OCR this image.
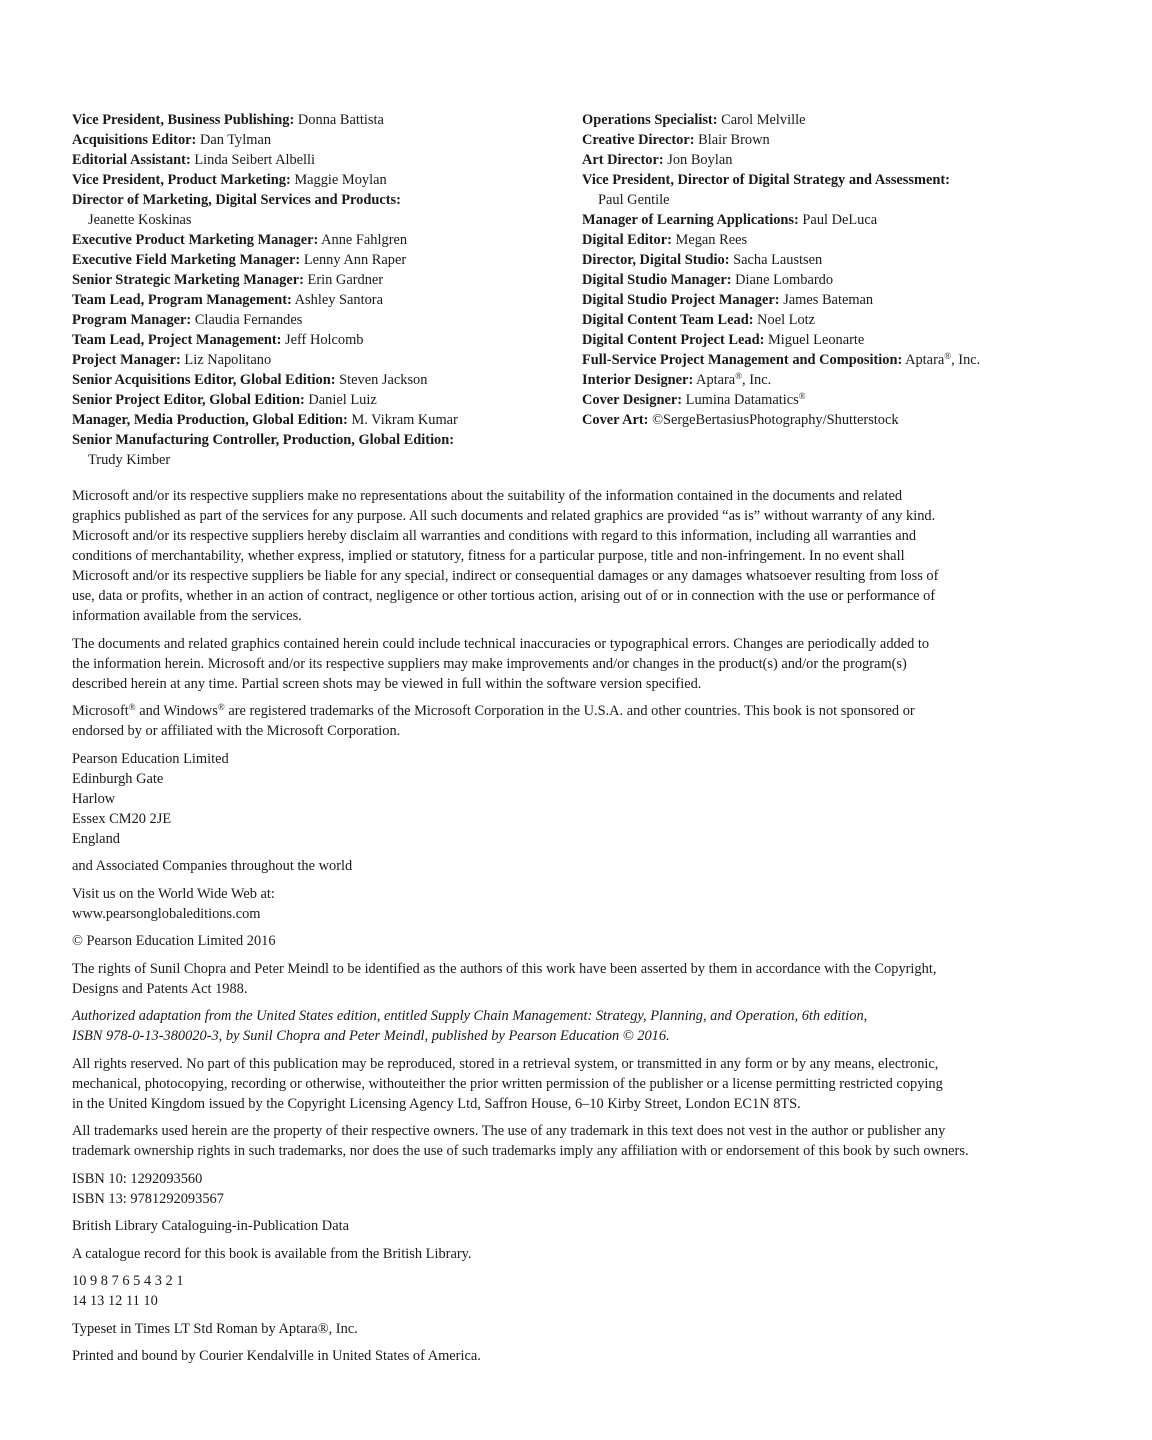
Vice President, Business Publishing: Donna Battista
Acquisitions Editor: Dan Tylman
Editorial Assistant: Linda Seibert Albelli
Vice President, Product Marketing: Maggie Moylan
Director of Marketing, Digital Services and Products:
Jeanette Koskinas
Executive Product Marketing Manager: Anne Fahlgren
Executive Field Marketing Manager: Lenny Ann Raper
Senior Strategic Marketing Manager: Erin Gardner
Team Lead, Program Management: Ashley Santora
Program Manager: Claudia Fernandes
Team Lead, Project Management: Jeff Holcomb
Project Manager: Liz Napolitano
Senior Acquisitions Editor, Global Edition: Steven Jackson
Senior Project Editor, Global Edition: Daniel Luiz
Manager, Media Production, Global Edition: M. Vikram Kumar
Senior Manufacturing Controller, Production, Global Edition:
Trudy Kimber
Operations Specialist: Carol Melville
Creative Director: Blair Brown
Art Director: Jon Boylan
Vice President, Director of Digital Strategy and Assessment:
Paul Gentile
Manager of Learning Applications: Paul DeLuca
Digital Editor: Megan Rees
Director, Digital Studio: Sacha Laustsen
Digital Studio Manager: Diane Lombardo
Digital Studio Project Manager: James Bateman
Digital Content Team Lead: Noel Lotz
Digital Content Project Lead: Miguel Leonarte
Full-Service Project Management and Composition: Aptara®, Inc.
Interior Designer: Aptara®, Inc.
Cover Designer: Lumina Datamatics®
Cover Art: ©SergeBertasiusPhotography/Shutterstock

Microsoft and/or its respective suppliers make no representations about the suitability of the information contained in the documents and related
graphics published as part of the services for any purpose. All such documents and related graphics are provided “as is” without warranty of any kind.
Microsoft and/or its respective suppliers hereby disclaim all warranties and conditions with regard to this information, including all warranties and
conditions of merchantability, whether express, implied or statutory, fitness for a particular purpose, title and non-infringement. In no event shall
Microsoft and/or its respective suppliers be liable for any special, indirect or consequential damages or any damages whatsoever resulting from loss of
use, data or profits, whether in an action of contract, negligence or other tortious action, arising out of or in connection with the use or performance of
information available from the services.

The documents and related graphics contained herein could include technical inaccuracies or typographical errors. Changes are periodically added to
the information herein. Microsoft and/or its respective suppliers may make improvements and/or changes in the product(s) and/or the program(s)
described herein at any time. Partial screen shots may be viewed in full within the software version specified.

Microsoft® and Windows® are registered trademarks of the Microsoft Corporation in the U.S.A. and other countries. This book is not sponsored or
endorsed by or affiliated with the Microsoft Corporation.

Pearson Education Limited
Edinburgh Gate
Harlow
Essex CM20 2JE
England

and Associated Companies throughout the world

Visit us on the World Wide Web at:
www.pearsonglobaleditions.com

© Pearson Education Limited 2016

The rights of Sunil Chopra and Peter Meindl to be identified as the authors of this work have been asserted by them in accordance with the Copyright,
Designs and Patents Act 1988.

Authorized adaptation from the United States edition, entitled Supply Chain Management: Strategy, Planning, and Operation, 6th edition,
ISBN 978-0-13-380020-3, by Sunil Chopra and Peter Meindl, published by Pearson Education © 2016.

All rights reserved. No part of this publication may be reproduced, stored in a retrieval system, or transmitted in any form or by any means, electronic,
mechanical, photocopying, recording or otherwise, withouteither the prior written permission of the publisher or a license permitting restricted copying
in the United Kingdom issued by the Copyright Licensing Agency Ltd, Saffron House, 6–10 Kirby Street, London EC1N 8TS.

All trademarks used herein are the property of their respective owners. The use of any trademark in this text does not vest in the author or publisher any
trademark ownership rights in such trademarks, nor does the use of such trademarks imply any affiliation with or endorsement of this book by such owners.

ISBN 10: 1292093560
ISBN 13: 9781292093567

British Library Cataloguing-in-Publication Data

A catalogue record for this book is available from the British Library.

10 9 8 7 6 5 4 3 2 1
14 13 12 11 10

Typeset in Times LT Std Roman by Aptara®, Inc.

Printed and bound by Courier Kendalville in United States of America.
